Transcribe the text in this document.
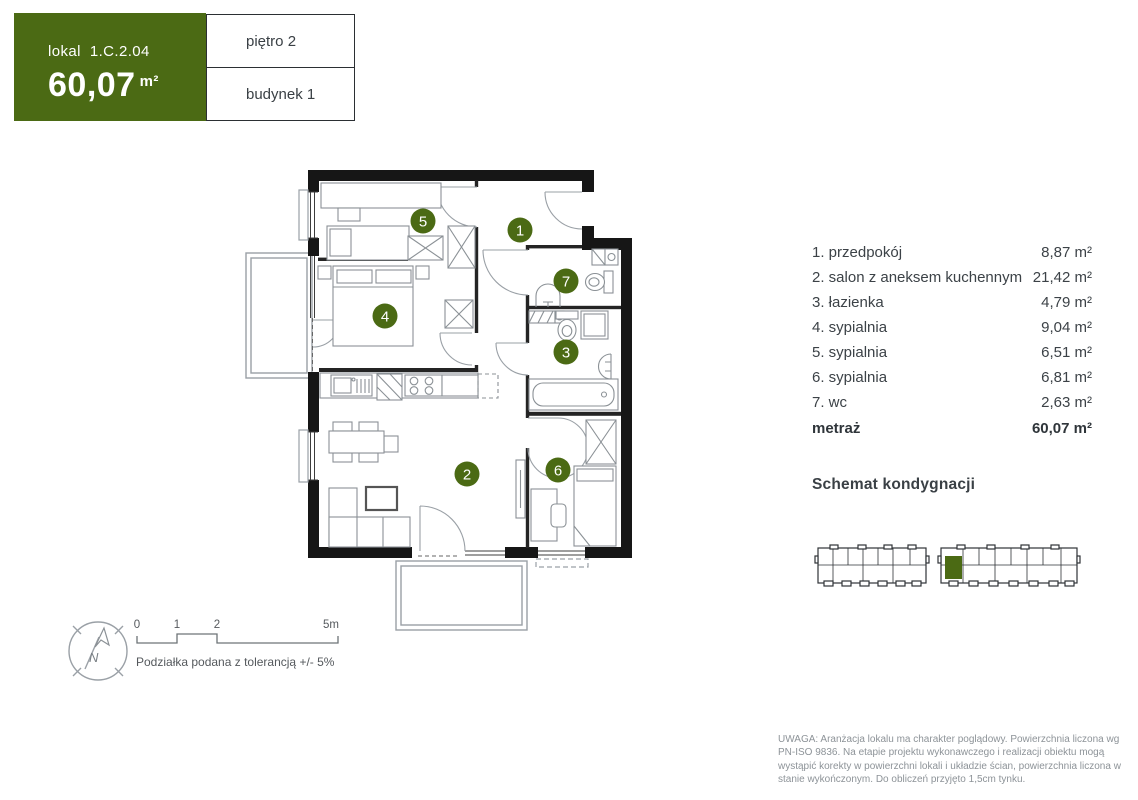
1
2
3
4
5
6
7
N
0	1	2	5m
lokal 1.C.2.04
60,07 $^{m^2}$
piętro 2
budynek 1
1. przedpokój	8,87 m²
2. salon z aneksem kuchennym 21,42 m²
3. łazienka	4,79 m²
4. sypialnia	9,04 m²
5. sypialnia	6,51 m²
6. sypialnia	6,81 m²
7. wc	2,63 m²
metraż	60,07 m²
Schemat kondygnacji
Podziałka podana z tolerancją +/- 5%
UWAGA: Aranżacja lokalu ma charakter poglądowy. Powierzchnia liczona wg PN-ISO 9836. Na etapie projektu wykonawczego i realizacji obiektu mogą wystąpić korekty w powierzchni lokali i układzie ścian, powierzchnia liczona w stanie wykończonym. Do obliczeń przyjęto 1,5cm tynku.
